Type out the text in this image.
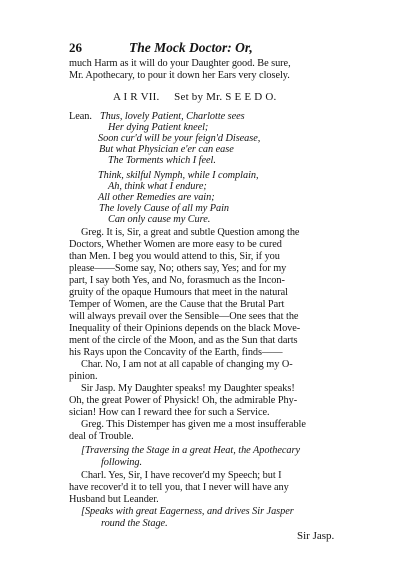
26	The Mock Doctor: Or,

much Harm as it will do your Daughter good. Be sure,

Mr. Apothecary, to pour it down her Ears very closely.

A I R VII. Set by Mr. S E E D O.
Lean. Thus, lovely Patient, Charlotte sees

Her dying Patient kneel;

Soon cur'd will be your feign'd Disease,

But what Physician e'er can ease

The Torments which I feel.

Think, skilful Nymph, while I complain,

Ah, think what I endure;

All other Remedies are vain;

The lovely Cause of all my Pain

Can only cause my Cure.

Greg. It is, Sir, a great and subtle Question among the

Doctors, Whether Women are more easy to be cured

than Men. I beg you would attend to this, Sir, if you

please——Some say, No; others say, Yes; and for my

part, I say both Yes, and No, forasmuch as the Incon-

gruity of the opaque Humours that meet in the natural

Temper of Women, are the Cause that the Brutal Part

will always prevail over the Sensible—One sees that the

Inequality of their Opinions depends on the black Move-

ment of the circle of the Moon, and as the Sun that darts

his Rays upon the Concavity of the Earth, finds——

Char. No, I am not at all capable of changing my O-

pinion.

Sir Jasp. My Daughter speaks! my Daughter speaks!

Oh, the great Power of Physick! Oh, the admirable Phy-

sician! How can I reward thee for such a Service.

Greg. This Distemper has given me a most insufferable

deal of Trouble.

[Traversing the Stage in a great Heat, the Apothecary

following.

Charl. Yes, Sir, I have recover'd my Speech; but I

have recover'd it to tell you, that I never will have any

Husband but Leander.

[Speaks with great Eagerness, and drives Sir Jasper

round the Stage.

Sir Jasp.
